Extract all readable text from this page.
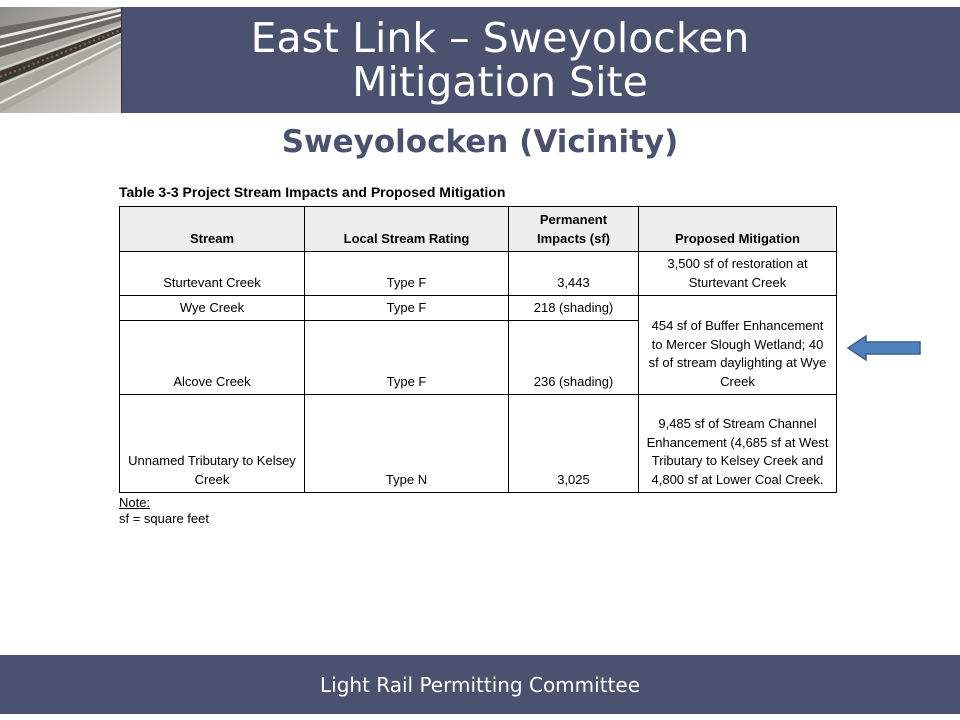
East Link – Sweyolocken Mitigation Site
Sweyolocken (Vicinity)
Table 3-3 Project Stream Impacts and Proposed Mitigation
Stream	Local Stream Rating	Permanent Impacts (sf)	Proposed Mitigation
Sturtevant Creek	Type F	3,443	3,500 sf of restoration at Sturtevant Creek
Wye Creek	Type F	218 (shading)	454 sf of Buffer Enhancement to Mercer Slough Wetland; 40 sf of stream daylighting at Wye Creek
Alcove Creek	Type F	236 (shading)	
Unnamed Tributary to Kelsey Creek	Type N	3,025	9,485 sf of Stream Channel Enhancement (4,685 sf at West Tributary to Kelsey Creek and 4,800 sf at Lower Coal Creek.
Note:
sf = square feet
Light Rail Permitting Committee
